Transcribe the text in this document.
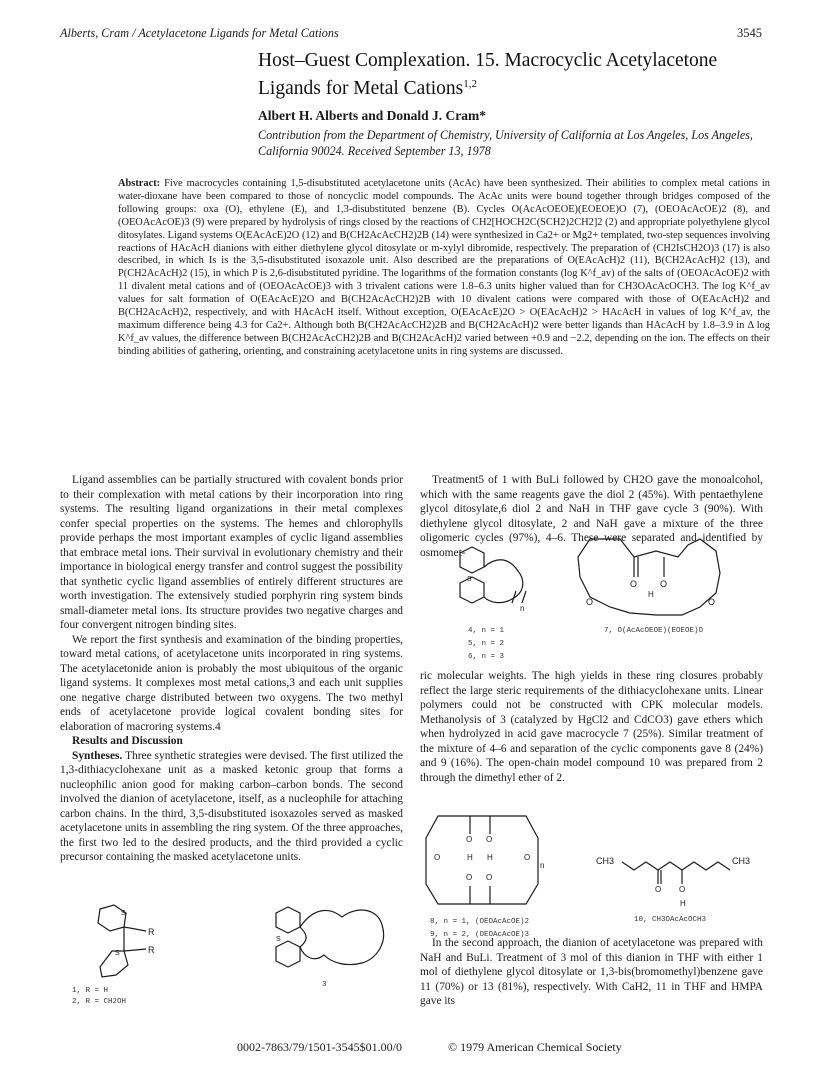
Alberts, Cram / Acetylacetone Ligands for Metal Cations	3545
Host–Guest Complexation. 15. Macrocyclic Acetylacetone Ligands for Metal Cations$^{1,2}$
Albert H. Alberts and Donald J. Cram*
Contribution from the Department of Chemistry, University of California at Los Angeles, Los Angeles, California 90024. Received September 13, 1978
Abstract: Five macrocycles containing 1,5-disubstituted acetylacetone units (AcAc) have been synthesized. Their abilities to complex metal cations in water-dioxane have been compared to those of noncyclic model compounds. The AcAc units were bound together through bridges composed of the following groups: oxa (O), ethylene (E), and 1,3-disubstituted benzene (B). Cycles O(AcAcOEOE)(EOEOE)O (7), (OEOAcAcOE)2 (8), and (OEOAcAcOE)3 (9) were prepared by hydrolysis of rings closed by the reactions of CH2[HOCH2C(SCH2)2CH2]2 (2) and appropriate polyethylene glycol ditosylates. Ligand systems O(EAcAcE)2O (12) and B(CH2AcAcCH2)2B (14) were synthesized in Ca2+ or Mg2+ templated, two-step sequences involving reactions of HAcAcH dianions with either diethylene glycol ditosylate or m-xylyl dibromide, respectively. The preparation of (CH2IsCH2O)3 (17) is also described, in which Is is the 3,5-disubstituted isoxazole unit. Also described are the preparations of O(EAcAcH)2 (11), B(CH2AcAcH)2 (13), and P(CH2AcAcH)2 (15), in which P is 2,6-disubstituted pyridine. The logarithms of the formation constants (log K^f_av) of the salts of (OEOAcAcOE)2 with 11 divalent metal cations and of (OEOAcAcOE)3 with 3 trivalent cations were 1.8–6.3 units higher valued than for CH3OAcAcOCH3. The log K^f_av values for salt formation of O(EAcAcE)2O and B(CH2AcAcCH2)2B with 10 divalent cations were compared with those of O(EAcAcH)2 and B(CH2AcAcH)2, respectively, and with HAcAcH itself. Without exception, O(EAcAcE)2O > O(EAcAcH)2 > HAcAcH in values of log K^f_av, the maximum difference being 4.3 for Ca2+. Although both B(CH2AcAcCH2)2B and B(CH2AcAcH)2 were better ligands than HAcAcH by 1.8–3.9 in Δ log K^f_av values, the difference between B(CH2AcAcCH2)2B and B(CH2AcAcH)2 varied between +0.9 and −2.2, depending on the ion. The effects on their binding abilities of gathering, orienting, and constraining acetylacetone units in ring systems are discussed.

Ligand assemblies can be partially structured with covalent bonds prior to their complexation with metal cations by their incorporation into ring systems. The resulting ligand organizations in their metal complexes confer special properties on the systems. The hemes and chlorophylls provide perhaps the most important examples of cyclic ligand assemblies that embrace metal ions. Their survival in evolutionary chemistry and their importance in biological energy transfer and control suggest the possibility that synthetic cyclic ligand assemblies of entirely different structures are worth investigation. The extensively studied porphyrin ring system binds small-diameter metal ions. Its structure provides two negative charges and four convergent nitrogen binding sites.

We report the first synthesis and examination of the binding properties, toward metal cations, of acetylacetone units incorporated in ring systems. The acetylacetonide anion is probably the most ubiquitous of the organic ligand systems. It complexes most metal cations,3 and each unit supplies one negative charge distributed between two oxygens. The two methyl ends of acetylacetone provide logical covalent bonding sites for elaboration of macroring systems.4

Results and Discussion

Syntheses. Three synthetic strategies were devised. The first utilized the 1,3-dithiacyclohexane unit as a masked ketonic group that forms a nucleophilic anion good for making carbon–carbon bonds. The second involved the dianion of acetylacetone, itself, as a nucleophile for attaching carbon chains. In the third, 3,5-disubstituted isoxazoles served as masked acetylacetone units in assembling the ring system. Of the three approaches, the first two led to the desired products, and the third provided a cyclic precursor containing the masked acetylacetone units.

R
S
R
S
1, R = H
2, R = CH2OH
S
3

Treatment5 of 1 with BuLi followed by CH2O gave the monoalcohol, which with the same reagents gave the diol 2 (45%). With pentaethylene glycol ditosylate,6 diol 2 and NaH in THF gave cycle 3 (90%). With diethylene glycol ditosylate, 2 and NaH gave a mixture of the three oligomeric cycles (97%), 4–6. These were separated and identified by osmomet-

ric molecular weights. The high yields in these ring closures probably reflect the large steric requirements of the dithiacyclohexane units. Linear polymers could not be constructed with CPK molecular models. Methanolysis of 3 (catalyzed by HgCl2 and CdCO3) gave ethers which when hydrolyzed in acid gave macrocycle 7 (25%). Similar treatment of the mixture of 4–6 and separation of the cyclic components gave 8 (24%) and 9 (16%). The open-chain model compound 10 was prepared from 2 through the dimethyl ether of 2.

In the second approach, the dianion of acetylacetone was prepared with NaH and BuLi. Treatment of 3 mol of this dianion in THF with either 1 mol of diethylene glycol ditosylate or 1,3-bis(bromomethyl)benzene gave 11 (70%) or 13 (81%), respectively. With CaH2, 11 in THF and HMPA gave its

S
n
4, n = 1
5, n = 2
6, n = 3
O	O
H
O	O
7, O(AcAcOEOE)(EOEOE)O
O O
H H
O O
O	O
n
8, n = 1, (OEOAcAcOE)2
9, n = 2, (OEOAcAcOE)3
CH3	CH3
O O
H
10, CH3OAcAcOCH3
0002-7863/79/1501-3545$01.00/0	© 1979 American Chemical Society
